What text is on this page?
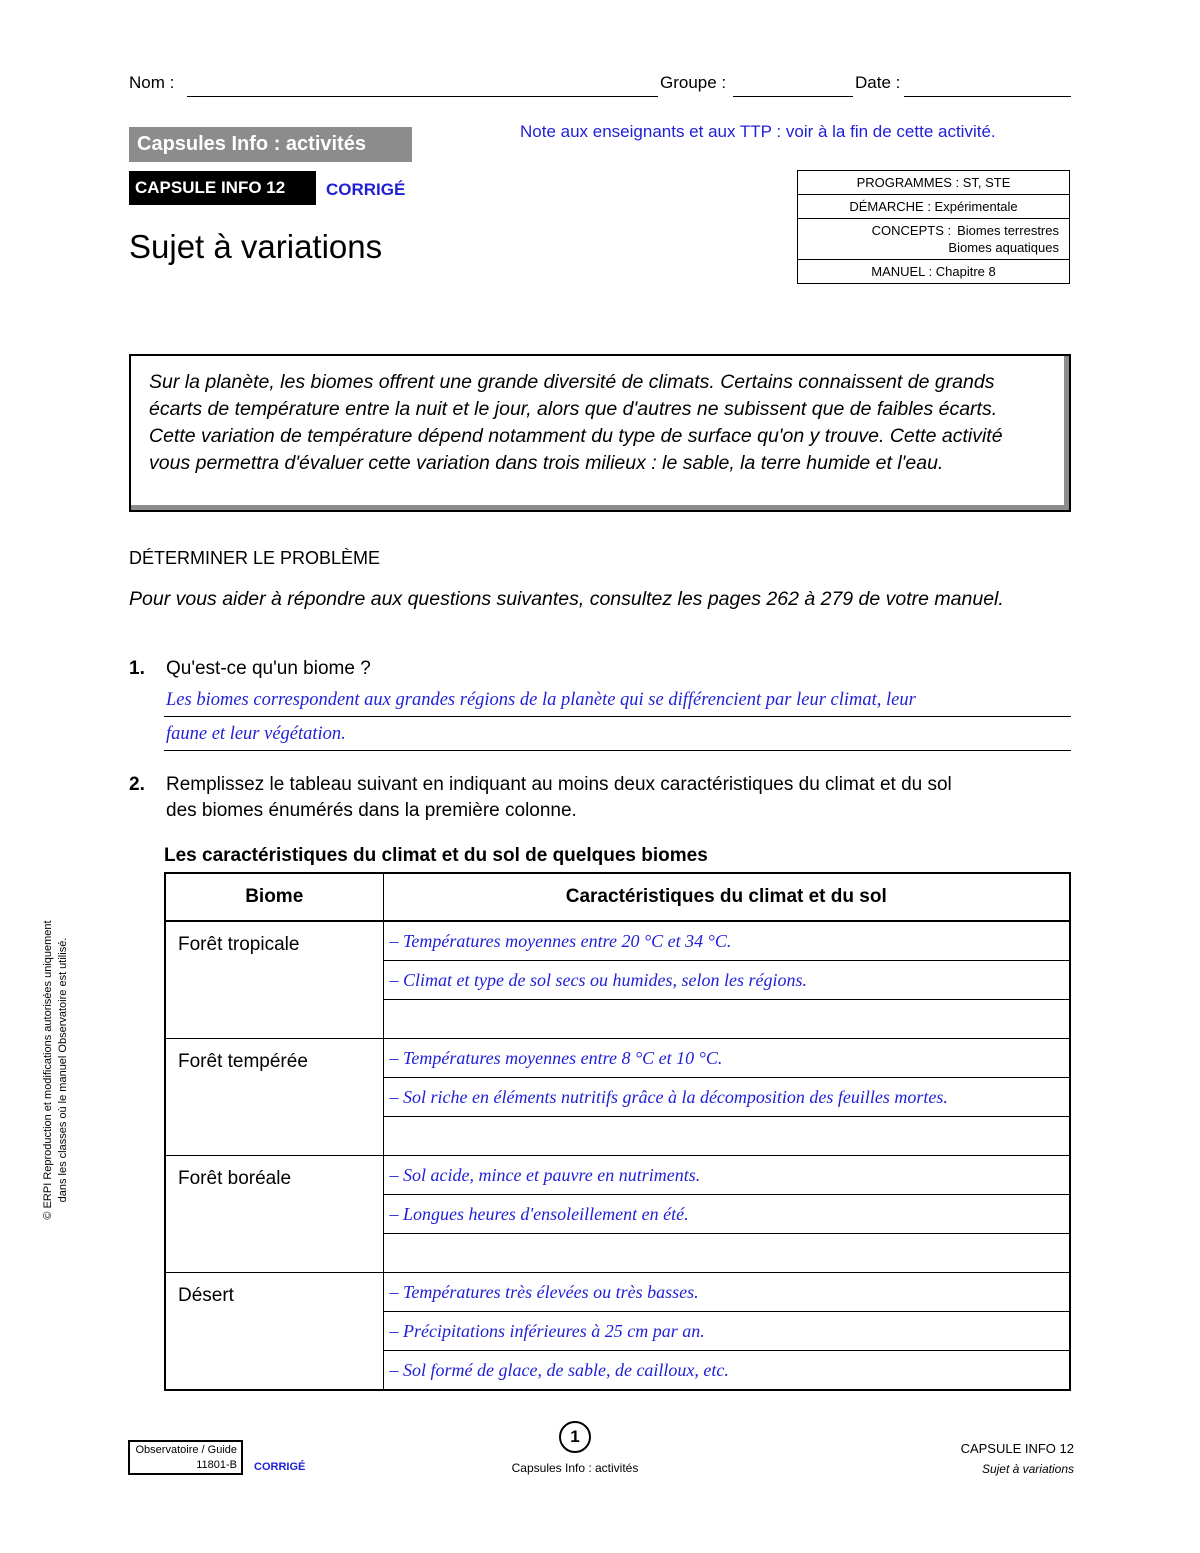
Nom :	Groupe :	Date :
Capsules Info : activités
CAPSULE INFO 12	CORRIGÉ
Note aux enseignants et aux TTP : voir à la fin de cette activité.
Sujet à variations
PROGRAMMES : ST, STE
DÉMARCHE : Expérimentale
CONCEPTS : Biomes terrestres
Biomes aquatiques
MANUEL : Chapitre 8
Sur la planète, les biomes offrent une grande diversité de climats. Certains connaissent de grands écarts de température entre la nuit et le jour, alors que d'autres ne subissent que de faibles écarts. Cette variation de température dépend notamment du type de surface qu'on y trouve. Cette activité vous permettra d'évaluer cette variation dans trois milieux : le sable, la terre humide et l'eau.
DÉTERMINER LE PROBLÈME
Pour vous aider à répondre aux questions suivantes, consultez les pages 262 à 279 de votre manuel.
1. Qu'est-ce qu'un biome ?
Les biomes correspondent aux grandes régions de la planète qui se différencient par leur climat, leur
faune et leur végétation.
2. Remplissez le tableau suivant en indiquant au moins deux caractéristiques du climat et du sol
des biomes énumérés dans la première colonne.
Les caractéristiques du climat et du sol de quelques biomes
Biome	Caractéristiques du climat et du sol
Forêt tropicale	– Températures moyennes entre 20 °C et 34 °C.
	– Climat et type de sol secs ou humides, selon les régions.

Forêt tempérée	– Températures moyennes entre 8 °C et 10 °C.
	– Sol riche en éléments nutritifs grâce à la décomposition des feuilles mortes.

Forêt boréale	– Sol acide, mince et pauvre en nutriments.
	– Longues heures d'ensoleillement en été.

Désert	– Températures très élevées ou très basses.
	– Précipitations inférieures à 25 cm par an.
	– Sol formé de glace, de sable, de cailloux, etc.
Observatoire / Guide
11801-B CORRIGÉ
1
Capsules Info : activités
CAPSULE INFO 12
Sujet à variations
© ERPI Reproduction et modifications autorisées uniquement dans les classes où le manuel Observatoire est utilisé.
